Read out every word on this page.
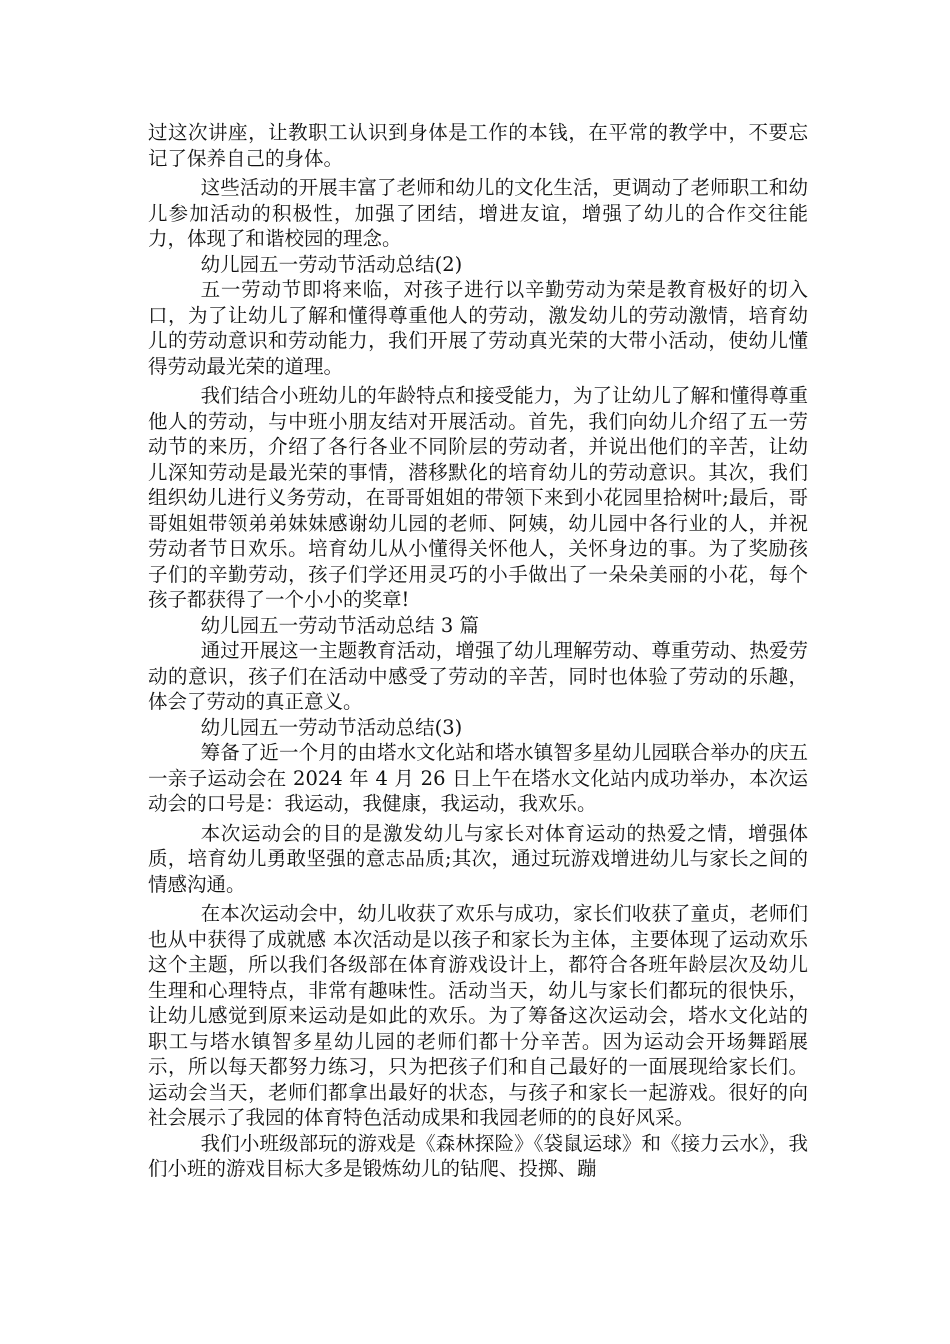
过这次讲座，让教职工认识到身体是工作的本钱，在平常的教学中，不要忘记了保养自己的身体。

这些活动的开展丰富了老师和幼儿的文化生活，更调动了老师职工和幼儿参加活动的积极性，加强了团结，增进友谊，增强了幼儿的合作交往能力，体现了和谐校园的理念。

幼儿园五一劳动节活动总结(2)

五一劳动节即将来临，对孩子进行以辛勤劳动为荣是教育极好的切入口，为了让幼儿了解和懂得尊重他人的劳动，激发幼儿的劳动激情，培育幼儿的劳动意识和劳动能力，我们开展了劳动真光荣的大带小活动，使幼儿懂得劳动最光荣的道理。

我们结合小班幼儿的年龄特点和接受能力，为了让幼儿了解和懂得尊重他人的劳动，与中班小朋友结对开展活动。首先，我们向幼儿介绍了五一劳动节的来历，介绍了各行各业不同阶层的劳动者，并说出他们的辛苦，让幼儿深知劳动是最光荣的事情，潜移默化的培育幼儿的劳动意识。其次，我们组织幼儿进行义务劳动，在哥哥姐姐的带领下来到小花园里拾树叶;最后，哥哥姐姐带领弟弟妹妹感谢幼儿园的老师、阿姨，幼儿园中各行业的人，并祝劳动者节日欢乐。培育幼儿从小懂得关怀他人，关怀身边的事。为了奖励孩子们的辛勤劳动，孩子们学还用灵巧的小手做出了一朵朵美丽的小花，每个孩子都获得了一个小小的奖章!

幼儿园五一劳动节活动总结 3 篇

通过开展这一主题教育活动，增强了幼儿理解劳动、尊重劳动、热爱劳动的意识，孩子们在活动中感受了劳动的辛苦，同时也体验了劳动的乐趣，体会了劳动的真正意义。

幼儿园五一劳动节活动总结(3)

筹备了近一个月的由塔水文化站和塔水镇智多星幼儿园联合举办的庆五一亲子运动会在 2024 年 4 月 26 日上午在塔水文化站内成功举办，本次运动会的口号是：我运动，我健康，我运动，我欢乐。

本次运动会的目的是激发幼儿与家长对体育运动的热爱之情，增强体质，培育幼儿勇敢坚强的意志品质;其次，通过玩游戏增进幼儿与家长之间的情感沟通。

在本次运动会中，幼儿收获了欢乐与成功，家长们收获了童贞，老师们也从中获得了成就感 本次活动是以孩子和家长为主体，主要体现了运动欢乐这个主题，所以我们各级部在体育游戏设计上，都符合各班年龄层次及幼儿生理和心理特点，非常有趣味性。活动当天，幼儿与家长们都玩的很快乐，让幼儿感觉到原来运动是如此的欢乐。为了筹备这次运动会，塔水文化站的职工与塔水镇智多星幼儿园的老师们都十分辛苦。因为运动会开场舞蹈展示，所以每天都努力练习，只为把孩子们和自己最好的一面展现给家长们。运动会当天，老师们都拿出最好的状态，与孩子和家长一起游戏。很好的向社会展示了我园的体育特色活动成果和我园老师的的良好风采。

我们小班级部玩的游戏是《森林探险》《袋鼠运球》和《接力云水》，我们小班的游戏目标大多是锻炼幼儿的钻爬、投掷、蹦
